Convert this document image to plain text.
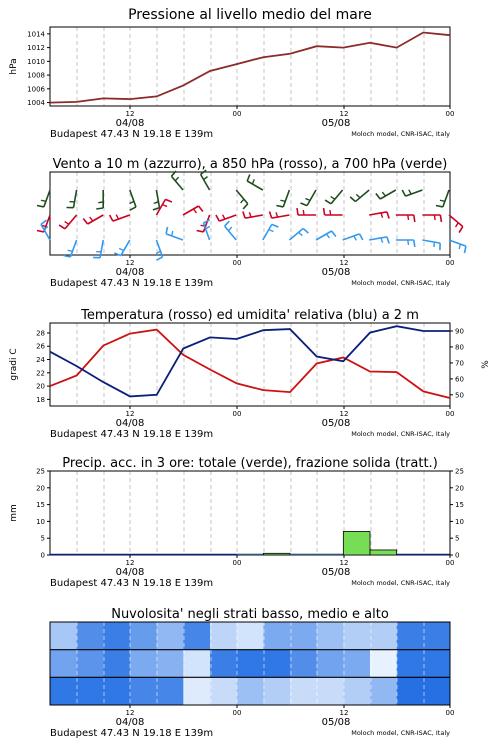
Pressione al livello medio del mare
1004
1006
1008
1010
1012
1014
hPa
12	00	12	00
04/08	05/08
Budapest 47.43 N 19.18 E 139m	Moloch model, CNR-ISAC, Italy
Vento a 10 m (azzurro), a 850 hPa (rosso), a 700 hPa (verde)
12	00	12	00
04/08	05/08
Budapest 47.43 N 19.18 E 139m	Moloch model, CNR-ISAC, Italy
Temperatura (rosso) ed umidita' relativa (blu) a 2 m
18
20
22
24
26
28
50
60
70
80
90
gradi C	%
12	00	12	00
04/08	05/08
Budapest 47.43 N 19.18 E 139m	Moloch model, CNR-ISAC, Italy
Precip. acc. in 3 ore: totale (verde), frazione solida (tratt.)
0
5
10
15
20
25
0
5
10
15
20
25
mm
12	00	12	00
04/08	05/08
Budapest 47.43 N 19.18 E 139m	Moloch model, CNR-ISAC, Italy
Nuvolosita' negli strati basso, medio e alto
12	00	12	00
04/08	05/08
Budapest 47.43 N 19.18 E 139m	Moloch model, CNR-ISAC, Italy
